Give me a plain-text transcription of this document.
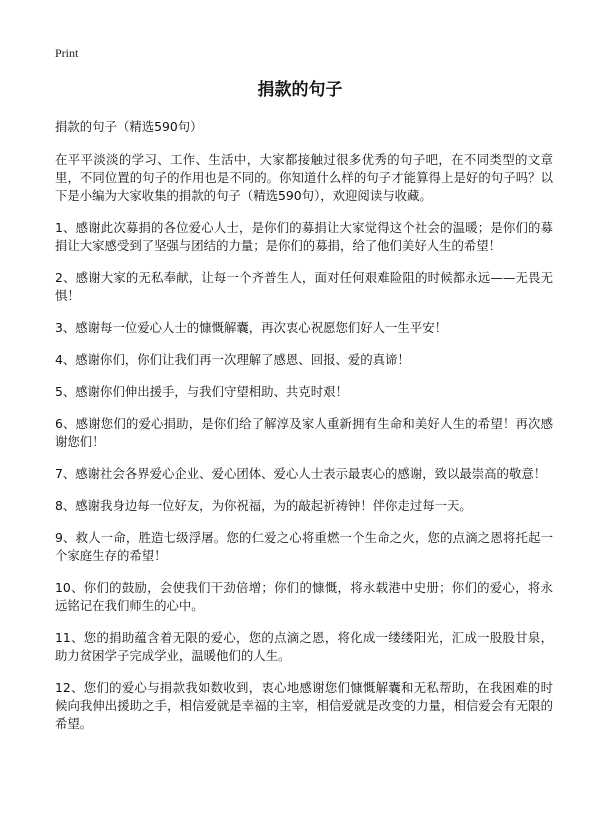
Print
捐款的句子

捐款的句子（精选590句）

在平平淡淡的学习、工作、生活中，大家都接触过很多优秀的句子吧，在不同类型的文章里，不同位置的句子的作用也是不同的。你知道什么样的句子才能算得上是好的句子吗？以下是小编为大家收集的捐款的句子（精选590句），欢迎阅读与收藏。

1、感谢此次募捐的各位爱心人士，是你们的募捐让大家觉得这个社会的温暖；是你们的募捐让大家感受到了坚强与团结的力量；是你们的募捐，给了他们美好人生的希望！

2、感谢大家的无私奉献，让每一个齐普生人，面对任何艰难险阻的时候都永远——无畏无惧！

3、感谢每一位爱心人士的慷慨解囊，再次衷心祝愿您们好人一生平安！

4、感谢你们，你们让我们再一次理解了感恩、回报、爱的真谛！

5、感谢你们伸出援手，与我们守望相助、共克时艰！

6、感谢您们的爱心捐助，是你们给了解淳及家人重新拥有生命和美好人生的希望！再次感谢您们！

7、感谢社会各界爱心企业、爱心团体、爱心人士表示最衷心的感谢，致以最崇高的敬意！

8、感谢我身边每一位好友，为你祝福，为的敲起祈祷钟！伴你走过每一天。

9、救人一命，胜造七级浮屠。您的仁爱之心将重燃一个生命之火，您的点滴之恩将托起一个家庭生存的希望！

10、你们的鼓励，会使我们干劲倍增；你们的慷慨，将永载港中史册；你们的爱心，将永远铭记在我们师生的心中。

11、您的捐助蕴含着无限的爱心，您的点滴之恩，将化成一缕缕阳光，汇成一股股甘泉，助力贫困学子完成学业，温暖他们的人生。

12、您们的爱心与捐款我如数收到，衷心地感谢您们慷慨解囊和无私帮助，在我困难的时候向我伸出援助之手，相信爱就是幸福的主宰，相信爱就是改变的力量，相信爱会有无限的希望。
